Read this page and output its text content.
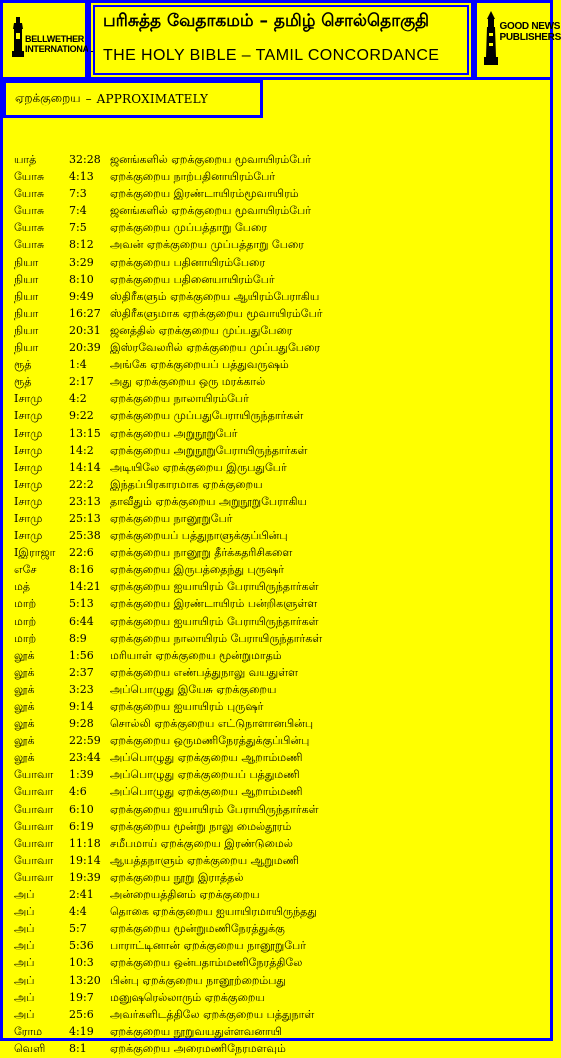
BELLWETHER
INTERNATIONAL
பரிசுத்த வேதாகமம் – தமிழ் சொல்தொகுதி
THE HOLY BIBLE – TAMIL CONCORDANCE
GOOD NEWS
PUBLISHERS
ஏறக்குறைய – APPROXIMATELY
யாத்	32:28 ஜனங்களில் ஏறக்குறைய மூவாயிரம்பேர்
யோசு	4:13	ஏறக்குறைய நாற்பதினாயிரம்பேர்
யோசு	7:3	ஏறக்குறைய இரண்டாயிரம்மூவாயிரம்
யோசு	7:4	ஜனங்களில் ஏறக்குறைய மூவாயிரம்பேர்
யோசு	7:5	ஏறக்குறைய முப்பத்தாறு பேரை
யோசு	8:12	அவன் ஏறக்குறைய முப்பத்தாறு பேரை
நியா	3:29	ஏறக்குறைய பதினாயிரம்பேரை
நியா	8:10	ஏறக்குறைய பதினையாயிரம்பேர்
நியா	9:49	ஸ்திரீகளும் ஏறக்குறைய ஆயிரம்பேராகிய
நியா	16:27 ஸ்திரீகளுமாக ஏறக்குறைய மூவாயிரம்பேர்
நியா	20:31 ஜனத்தில் ஏறக்குறைய முப்பதுபேரை
நியா	20:39 இஸ்ரவேலரில் ஏறக்குறைய முப்பதுபேரை
ரூத்	1:4	அங்கே ஏறக்குறையப் பத்துவருஷம்
ரூத்	2:17	அது ஏறக்குறைய ஒரு மரக்கால்
Iசாமு	4:2	ஏறக்குறைய நாலாயிரம்பேர்
Iசாமு	9:22	ஏறக்குறைய முப்பதுபேராயிருந்தார்கள்
Iசாமு	13:15 ஏறக்குறைய அறுநூறுபேர்
Iசாமு	14:2	ஏறக்குறைய அறுநூறுபேராயிருந்தார்கள்
Iசாமு	14:14 அடியிலே ஏறக்குறைய இருபதுபேர்
Iசாமு	22:2	இந்தப்பிரகாரமாக ஏறக்குறைய
Iசாமு	23:13 தாவீதும் ஏறக்குறைய அறுநூறுபேராகிய
Iசாமு	25:13 ஏறக்குறைய நானூறுபேர்
Iசாமு	25:38 ஏறக்குறையப் பத்துநாளுக்குப்பின்பு
Iஇராஜா	22:6	ஏறக்குறைய நானூறு தீர்க்கதரிசிகளை
எசே	8:16	ஏறக்குறைய இருபத்தைந்து புருஷர்
மத்	14:21 ஏறக்குறைய ஐயாயிரம் பேராயிருந்தார்கள்
மாற்	5:13	ஏறக்குறைய இரண்டாயிரம் பன்றிகளுள்ள
மாற்	6:44	ஏறக்குறைய ஐயாயிரம் பேராயிருந்தார்கள்
மாற்	8:9	ஏறக்குறைய நாலாயிரம் பேராயிருந்தார்கள்
லூக்	1:56	மரியாள் ஏறக்குறைய மூன்றுமாதம்
லூக்	2:37	ஏறக்குறைய எண்பத்துநாலு வயதுள்ள
லூக்	3:23	அப்பொழுது இயேசு ஏறக்குறைய
லூக்	9:14	ஏறக்குறைய ஐயாயிரம் புருஷர்
லூக்	9:28	சொல்லி ஏறக்குறைய எட்டுநாளானபின்பு
லூக்	22:59 ஏறக்குறைய ஒருமணிநேரத்துக்குப்பின்பு
லூக்	23:44 அப்பொழுது ஏறக்குறைய ஆறாம்மணி
யோவா	1:39	அப்பொழுது ஏறக்குறையப் பத்துமணி
யோவா	4:6	அப்பொழுது ஏறக்குறைய ஆறாம்மணி
யோவா	6:10	ஏறக்குறைய ஐயாயிரம் பேராயிருந்தார்கள்
யோவா	6:19	ஏறக்குறைய மூன்று நாலு மைல்தூரம்
யோவா	11:18 சமீபமாய் ஏறக்குறைய இரண்டுமைல்
யோவா	19:14 ஆயத்தநாளும் ஏறக்குறைய ஆறுமணி
யோவா	19:39 ஏறக்குறைய நூறு இராத்தல்
அப்	2:41	அன்றையத்தினம் ஏறக்குறைய
அப்	4:4	தொகை ஏறக்குறைய ஐயாயிரமாயிருந்தது
அப்	5:7	ஏறக்குறைய மூன்றுமணிநேரத்துக்கு
அப்	5:36	பாராட்டினான் ஏறக்குறைய நானூறுபேர்
அப்	10:3	ஏறக்குறைய ஒன்பதாம்மணிநேரத்திலே
அப்	13:20 பின்பு ஏறக்குறைய நானூற்றைம்பது
அப்	19:7	மனுஷரெல்லாரும் ஏறக்குறைய
அப்	25:6	அவர்களிடத்திலே ஏறக்குறைய பத்துநாள்
ரோம	4:19	ஏறக்குறைய நூறுவயதுள்ளவனாயி
வெளி	8:1	ஏறக்குறைய அரைமணிநேரமளவும்
